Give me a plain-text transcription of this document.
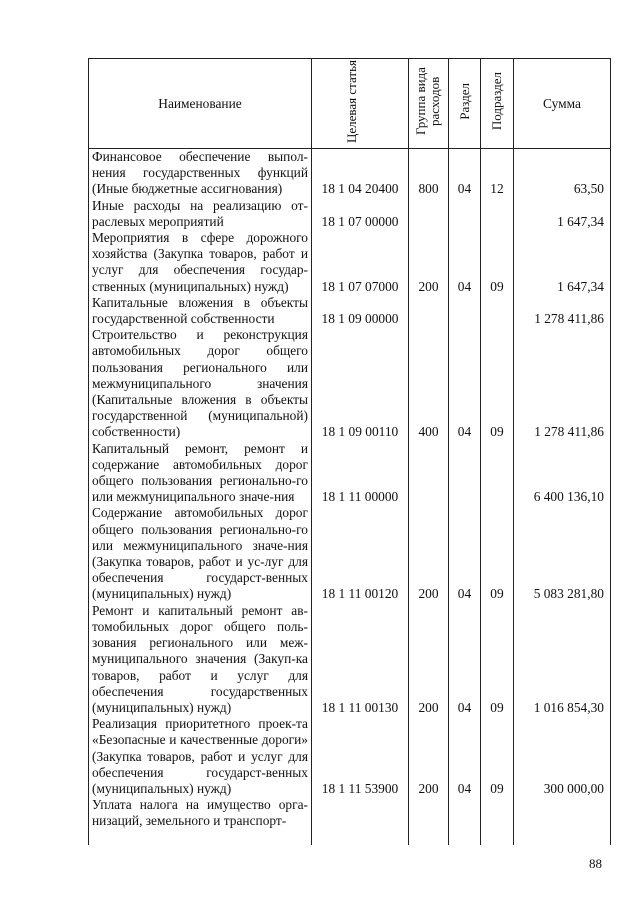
Наименование	Целевая статья	Группа вида расходов	Раздел	Подраздел	Сумма
Финансовое обеспечение выпол-нения государственных функций (Иные бюджетные ассигнования)	18 1 04 20400	800	04	12	63,50
Иные расходы на реализацию от-раслевых мероприятий	18 1 07 00000				1 647,34
Мероприятия в сфере дорожного хозяйства (Закупка товаров, работ и услуг для обеспечения государ-ственных (муниципальных) нужд)	18 1 07 07000	200	04	09	1 647,34
Капитальные вложения в объекты государственной собственности	18 1 09 00000				1 278 411,86
Строительство и реконструкция автомобильных дорог общего пользования регионального или межмуниципального значения (Капитальные вложения в объекты государственной (муниципальной) собственности)	18 1 09 00110	400	04	09	1 278 411,86
Капитальный ремонт, ремонт и содержание автомобильных дорог общего пользования регионально-го или межмуниципального значе-ния	18 1 11 00000				6 400 136,10
Содержание автомобильных дорог общего пользования регионально-го или межмуниципального значе-ния (Закупка товаров, работ и ус-луг для обеспечения государст-венных (муниципальных) нужд)	18 1 11 00120	200	04	09	5 083 281,80
Ремонт и капитальный ремонт ав-томобильных дорог общего поль-зования регионального или меж-муниципального значения (Закуп-ка товаров, работ и услуг для обеспечения государственных (муниципальных) нужд)	18 1 11 00130	200	04	09	1 016 854,30
Реализация приоритетного проек-та «Безопасные и качественные дороги» (Закупка товаров, работ и услуг для обеспечения государст-венных (муниципальных) нужд)	18 1 11 53900	200	04	09	300 000,00
Уплата налога на имущество орга-низаций, земельного и транспорт-					
88
